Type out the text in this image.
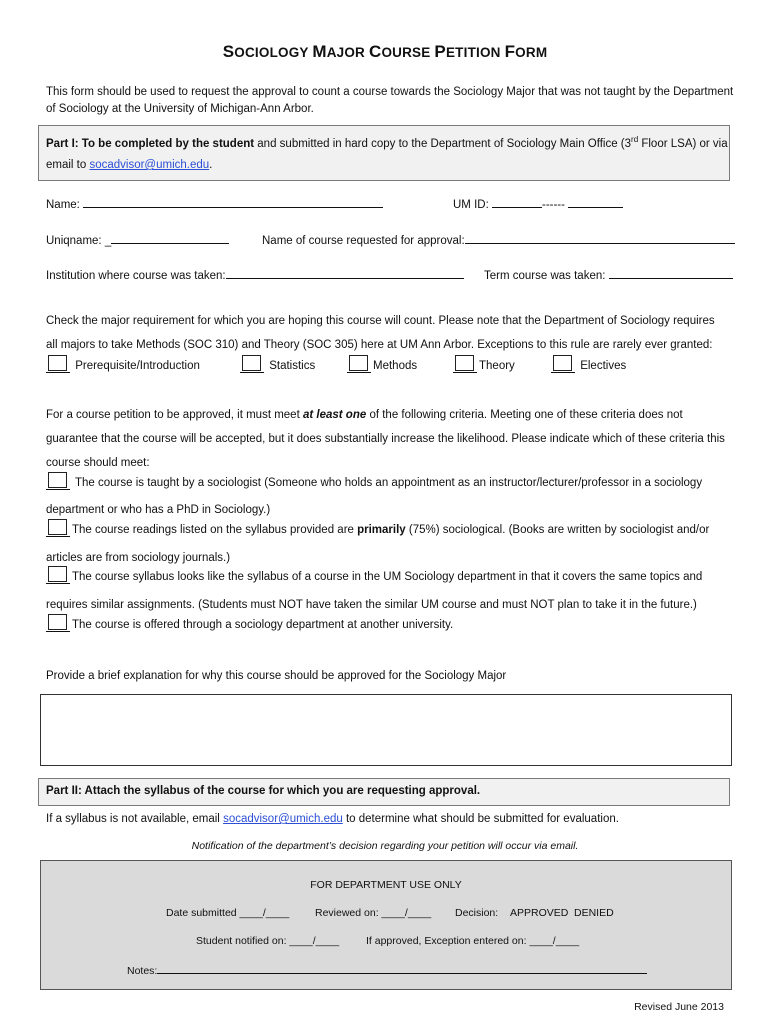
SOCIOLOGY MAJOR COURSE PETITION FORM
This form should be used to request the approval to count a course towards the Sociology Major that was not taught by the Department of Sociology at the University of Michigan-Ann Arbor.
Part I: To be completed by the student and submitted in hard copy to the Department of Sociology Main Office (3rd Floor LSA) or via
email to socadvisor@umich.edu.
Name:	UM ID:	------
Uniqname: _	Name of course requested for approval:
Institution where course was taken:	Term course was taken:
Check the major requirement for which you are hoping this course will count. Please note that the Department of Sociology requires
all majors to take Methods (SOC 310) and Theory (SOC 305) here at UM Ann Arbor. Exceptions to this rule are rarely ever granted:
Prerequisite/Introduction	Statistics	Methods	Theory	Electives
For a course petition to be approved, it must meet at least one of the following criteria. Meeting one of these criteria does not
guarantee that the course will be accepted, but it does substantially increase the likelihood. Please indicate which of these criteria this
course should meet:
The course is taught by a sociologist (Someone who holds an appointment as an instructor/lecturer/professor in a sociology
department or who has a PhD in Sociology.)
The course readings listed on the syllabus provided are primarily (75%) sociological. (Books are written by sociologist and/or
articles are from sociology journals.)
The course syllabus looks like the syllabus of a course in the UM Sociology department in that it covers the same topics and
requires similar assignments. (Students must NOT have taken the similar UM course and must NOT plan to take it in the future.)
The course is offered through a sociology department at another university.
Provide a brief explanation for why this course should be approved for the Sociology Major
Part II: Attach the syllabus of the course for which you are requesting approval.
If a syllabus is not available, email socadvisor@umich.edu to determine what should be submitted for evaluation.
Notification of the department’s decision regarding your petition will occur via email.
FOR DEPARTMENT USE ONLY
Date submitted ____/____ Reviewed on: ____/____ Decision: APPROVED DENIED
Student notified on: ____/____	If approved, Exception entered on: ____/____
Notes:
Revised June 2013
